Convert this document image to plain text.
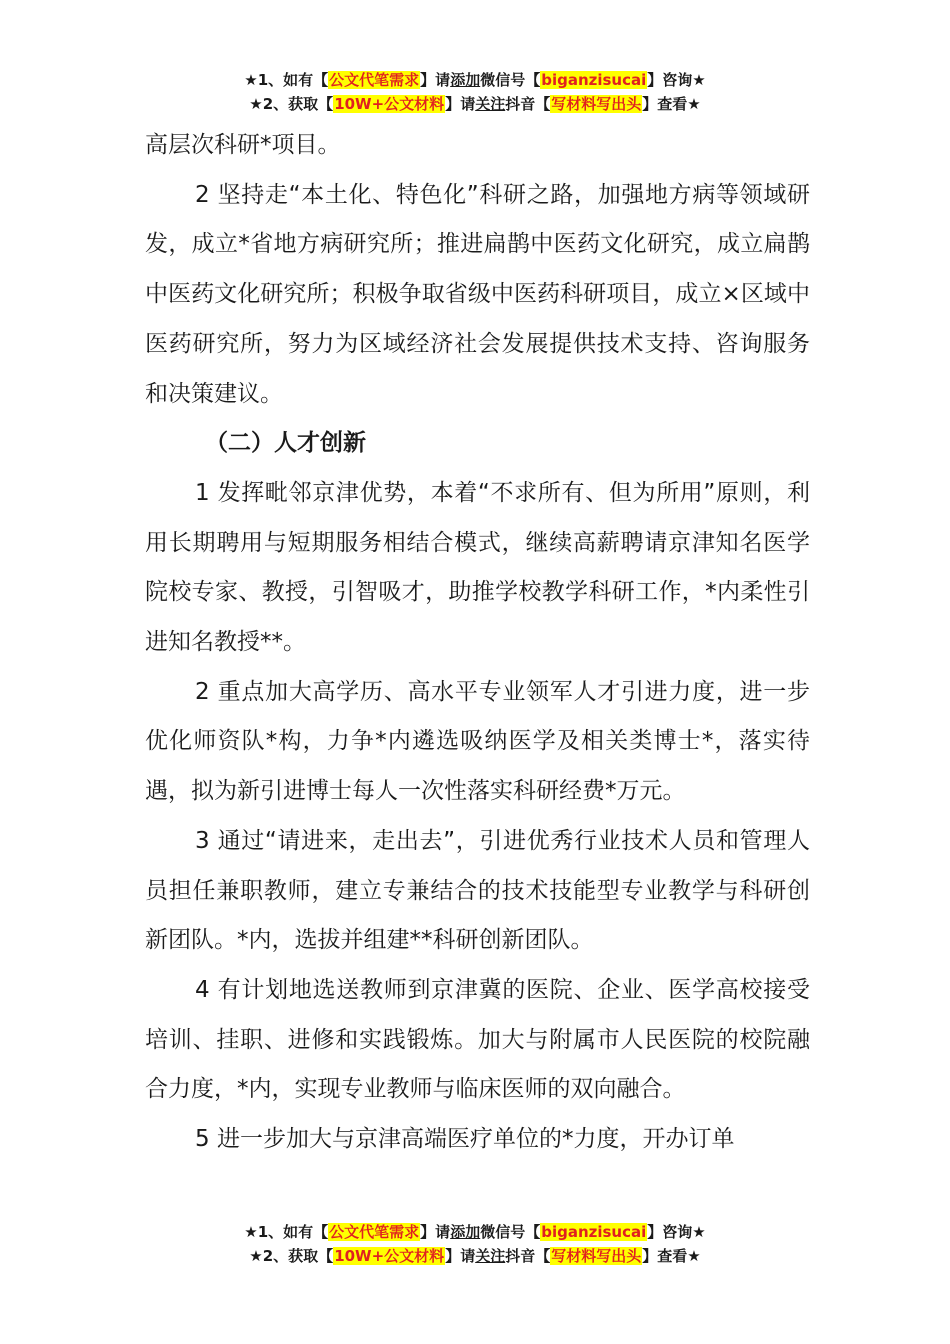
★1、如有【公文代笔需求】请添加微信号【biganzisucai】咨询★
★2、获取【10W+公文材料】请关注抖音【写材料写出头】查看★

高层次科研*项目。

2 坚持走“本土化、特色化”科研之路，加强地方病等领域研发，成立*省地方病研究所；推进扁鹊中医药文化研究，成立扁鹊中医药文化研究所；积极争取省级中医药科研项目，成立×区域中医药研究所，努力为区域经济社会发展提供技术支持、咨询服务和决策建议。

（二）人才创新

1 发挥毗邻京津优势，本着“不求所有、但为所用”原则，利用长期聘用与短期服务相结合模式，继续高薪聘请京津知名医学院校专家、教授，引智吸才，助推学校教学科研工作，*内柔性引进知名教授**。

2 重点加大高学历、高水平专业领军人才引进力度，进一步优化师资队*构，力争*内遴选吸纳医学及相关类博士*，落实待遇，拟为新引进博士每人一次性落实科研经费*万元。

3 通过“请进来，走出去”，引进优秀行业技术人员和管理人员担任兼职教师，建立专兼结合的技术技能型专业教学与科研创新团队。*内，选拔并组建**科研创新团队。

4 有计划地选送教师到京津冀的医院、企业、医学高校接受培训、挂职、进修和实践锻炼。加大与附属市人民医院的校院融合力度，*内，实现专业教师与临床医师的双向融合。

5 进一步加大与京津高端医疗单位的*力度，开办订单

★1、如有【公文代笔需求】请添加微信号【biganzisucai】咨询★
★2、获取【10W+公文材料】请关注抖音【写材料写出头】查看★
